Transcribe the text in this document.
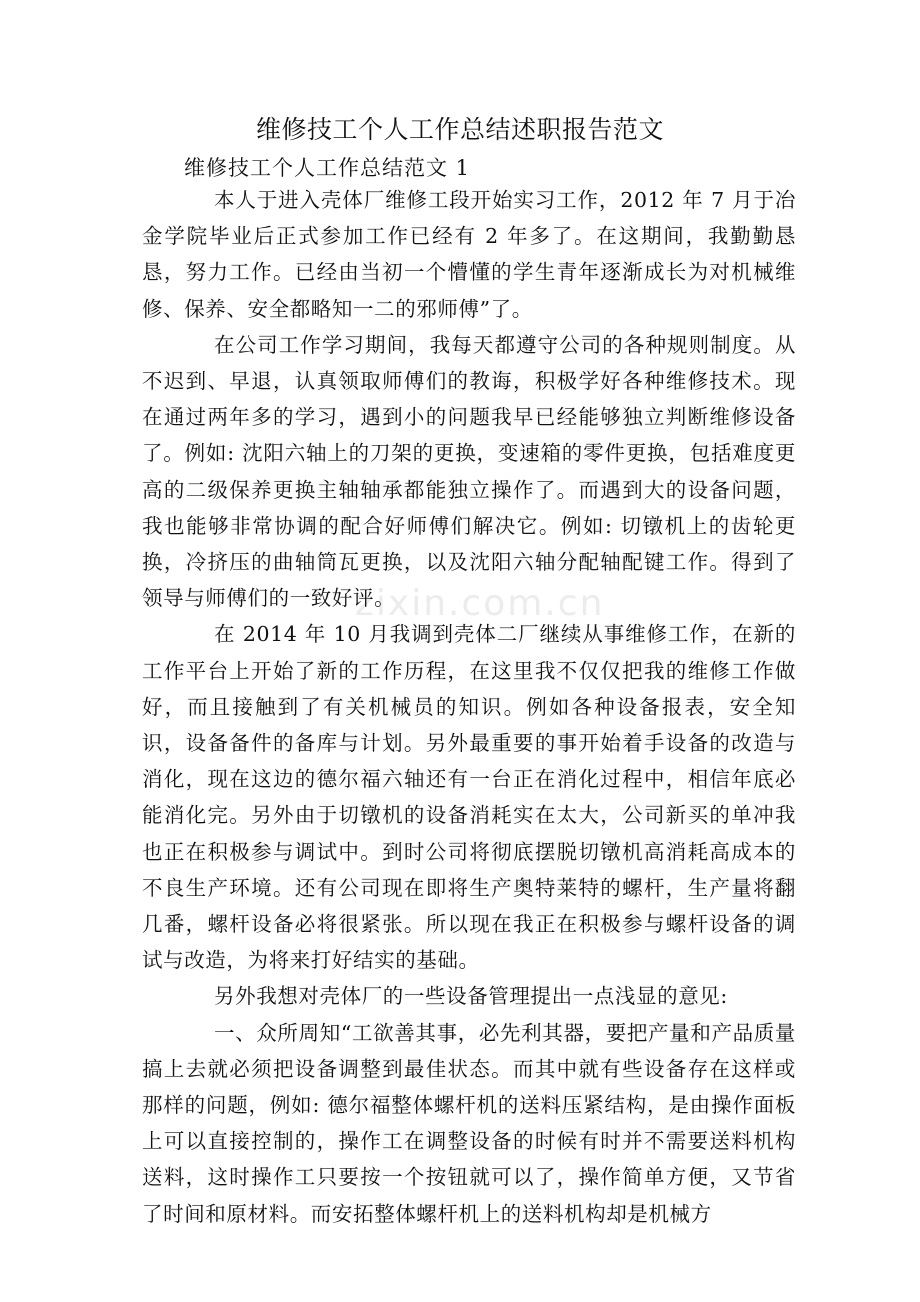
zixin.com.cn
维修技工个人工作总结述职报告范文
维修技工个人工作总结范文 1

本人于进入壳体厂维修工段开始实习工作，2012 年 7 月于冶金学院毕业后正式参加工作已经有 2 年多了。在这期间，我勤勤恳恳，努力工作。已经由当初一个懵懂的学生青年逐渐成长为对机械维修、保养、安全都略知一二的邪师傅”了。

在公司工作学习期间，我每天都遵守公司的各种规则制度。从不迟到、早退，认真领取师傅们的教诲，积极学好各种维修技术。现在通过两年多的学习，遇到小的问题我早已经能够独立判断维修设备了。例如: 沈阳六轴上的刀架的更换，变速箱的零件更换，包括难度更高的二级保养更换主轴轴承都能独立操作了。而遇到大的设备问题，我也能够非常协调的配合好师傅们解决它。例如: 切镦机上的齿轮更换，冷挤压的曲轴筒瓦更换，以及沈阳六轴分配轴配键工作。得到了领导与师傅们的一致好评。

在 2014 年 10 月我调到壳体二厂继续从事维修工作，在新的工作平台上开始了新的工作历程，在这里我不仅仅把我的维修工作做好，而且接触到了有关机械员的知识。例如各种设备报表，安全知识，设备备件的备库与计划。另外最重要的事开始着手设备的改造与消化，现在这边的德尔福六轴还有一台正在消化过程中，相信年底必能消化完。另外由于切镦机的设备消耗实在太大，公司新买的单冲我也正在积极参与调试中。到时公司将彻底摆脱切镦机高消耗高成本的不良生产环境。还有公司现在即将生产奥特莱特的螺杆，生产量将翻几番，螺杆设备必将很紧张。所以现在我正在积极参与螺杆设备的调试与改造，为将来打好结实的基础。

另外我想对壳体厂的一些设备管理提出一点浅显的意见:

一、众所周知“工欲善其事，必先利其器，要把产量和产品质量搞上去就必须把设备调整到最佳状态。而其中就有些设备存在这样或那样的问题，例如: 德尔福整体螺杆机的送料压紧结构，是由操作面板上可以直接控制的，操作工在调整设备的时候有时并不需要送料机构送料，这时操作工只要按一个按钮就可以了，操作简单方便，又节省了时间和原材料。而安拓整体螺杆机上的送料机构却是机械方
